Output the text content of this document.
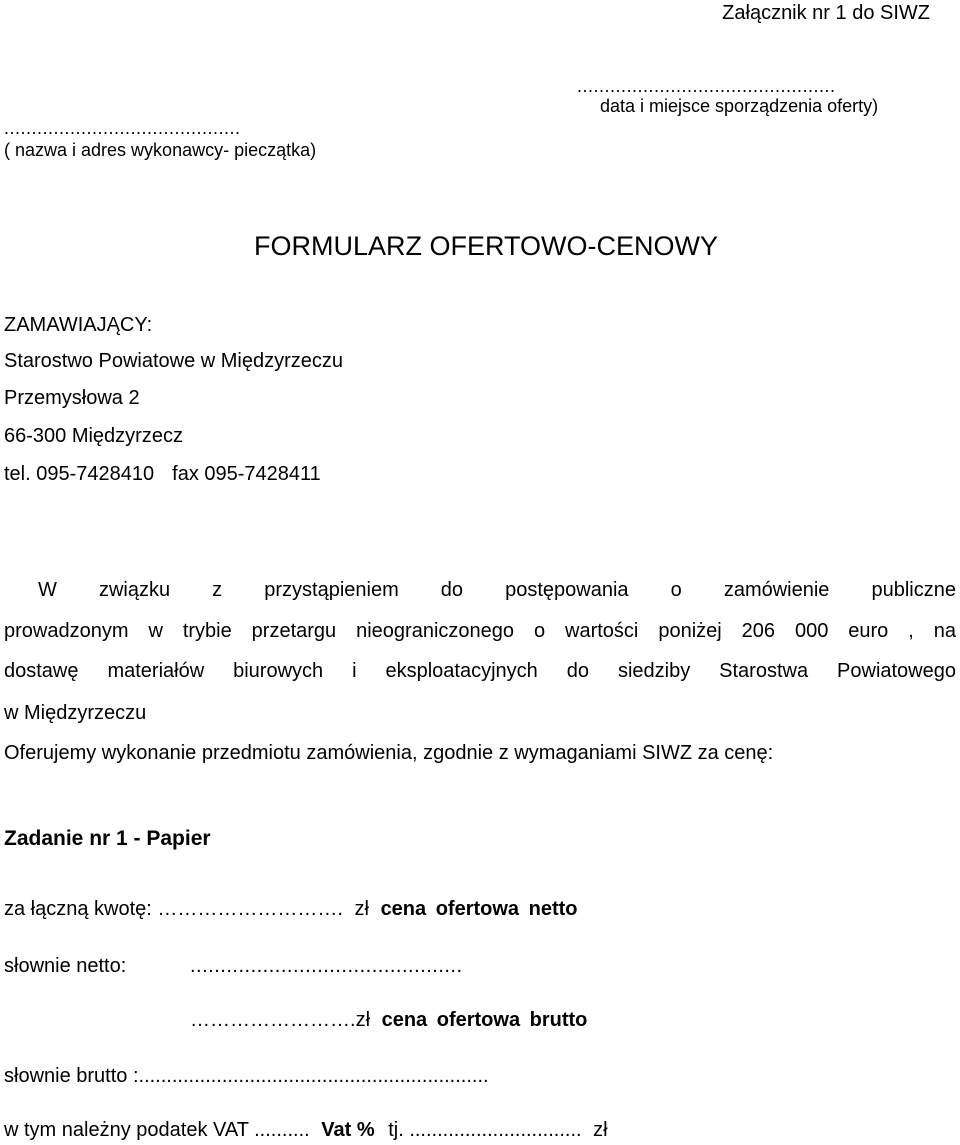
Załącznik nr 1 do SIWZ
...............................................
data i miejsce sporządzenia oferty)
...........................................
( nazwa i adres wykonawcy- pieczątka)
FORMULARZ OFERTOWO-CENOWY
ZAMAWIAJĄCY:
Starostwo Powiatowe w Międzyrzeczu
Przemysłowa 2
66-300 Międzyrzecz
tel. 095-7428410 fax 095-7428411
W związku z przystąpieniem do postępowania o zamówienie publiczne
prowadzonym w trybie przetargu nieograniczonego o wartości poniżej 206 000 euro , na
dostawę materiałów biurowych i eksploatacyjnych do siedziby Starostwa Powiatowego
w Międzyrzeczu
Oferujemy wykonanie przedmiotu zamówienia, zgodnie z wymaganiami SIWZ za cenę:
Zadanie nr 1 - Papier
za łączną kwotę: ………………………. zł cena ofertowa netto
słownie netto:	.............................................
…………………….zł cena ofertowa brutto
słownie brutto :...............................................................
w tym należny podatek VAT .......... Vat % tj. ............................... zł
